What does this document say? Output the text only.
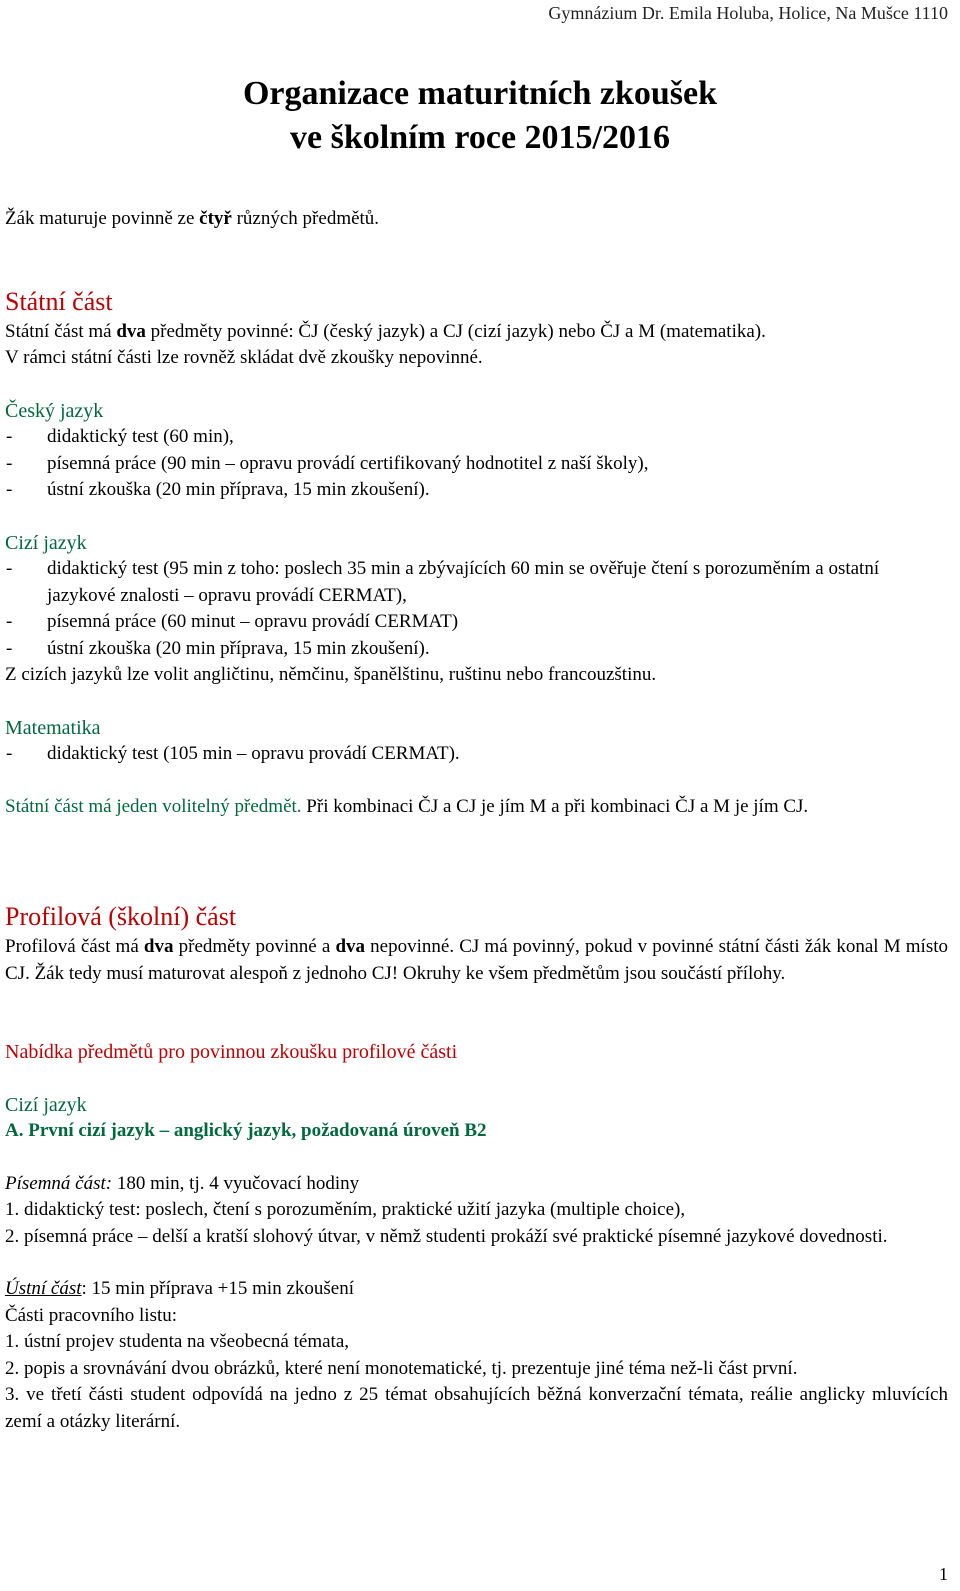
Gymnázium Dr. Emila Holuba, Holice, Na Mušce 1110
Organizace maturitních zkoušek
ve školním roce 2015/2016
Žák maturuje povinně ze čtyř různých předmětů.
Státní část
Státní část má dva předměty povinné: ČJ (český jazyk) a CJ (cizí jazyk) nebo ČJ a M (matematika).
V rámci státní části lze rovněž skládat dvě zkoušky nepovinné.
Český jazyk
-	didaktický test (60 min),
-	písemná práce (90 min – opravu provádí certifikovaný hodnotitel z naší školy),
-	ústní zkouška (20 min příprava, 15 min zkoušení).
Cizí jazyk
-	didaktický test (95 min z toho: poslech 35 min a zbývajících 60 min se ověřuje čtení s porozuměním a ostatní jazykové znalosti – opravu provádí CERMAT),
-	písemná práce (60 minut – opravu provádí CERMAT)
-	ústní zkouška (20 min příprava, 15 min zkoušení).
Z cizích jazyků lze volit angličtinu, němčinu, španělštinu, ruštinu nebo francouzštinu.
Matematika
-	didaktický test (105 min – opravu provádí CERMAT).
Státní část má jeden volitelný předmět. Při kombinaci ČJ a CJ je jím M a při kombinaci ČJ a M je jím CJ.
Profilová (školní) část
Profilová část má dva předměty povinné a dva nepovinné. CJ má povinný, pokud v povinné státní části žák konal M místo CJ. Žák tedy musí maturovat alespoň z jednoho CJ! Okruhy ke všem předmětům jsou součástí přílohy.
Nabídka předmětů pro povinnou zkoušku profilové části
Cizí jazyk
A. První cizí jazyk – anglický jazyk, požadovaná úroveň B2
Písemná část: 180 min, tj. 4 vyučovací hodiny
1. didaktický test: poslech, čtení s porozuměním, praktické užití jazyka (multiple choice),
2. písemná práce – delší a kratší slohový útvar, v němž studenti prokáží své praktické písemné jazykové dovednosti.
Ústní část: 15 min příprava +15 min zkoušení
Části pracovního listu:
1. ústní projev studenta na všeobecná témata,
2. popis a srovnávání dvou obrázků, které není monotematické, tj. prezentuje jiné téma než-li část první.
3. ve třetí části student odpovídá na jedno z 25 témat obsahujících běžná konverzační témata, reálie anglicky mluvících zemí a otázky literární.
1
